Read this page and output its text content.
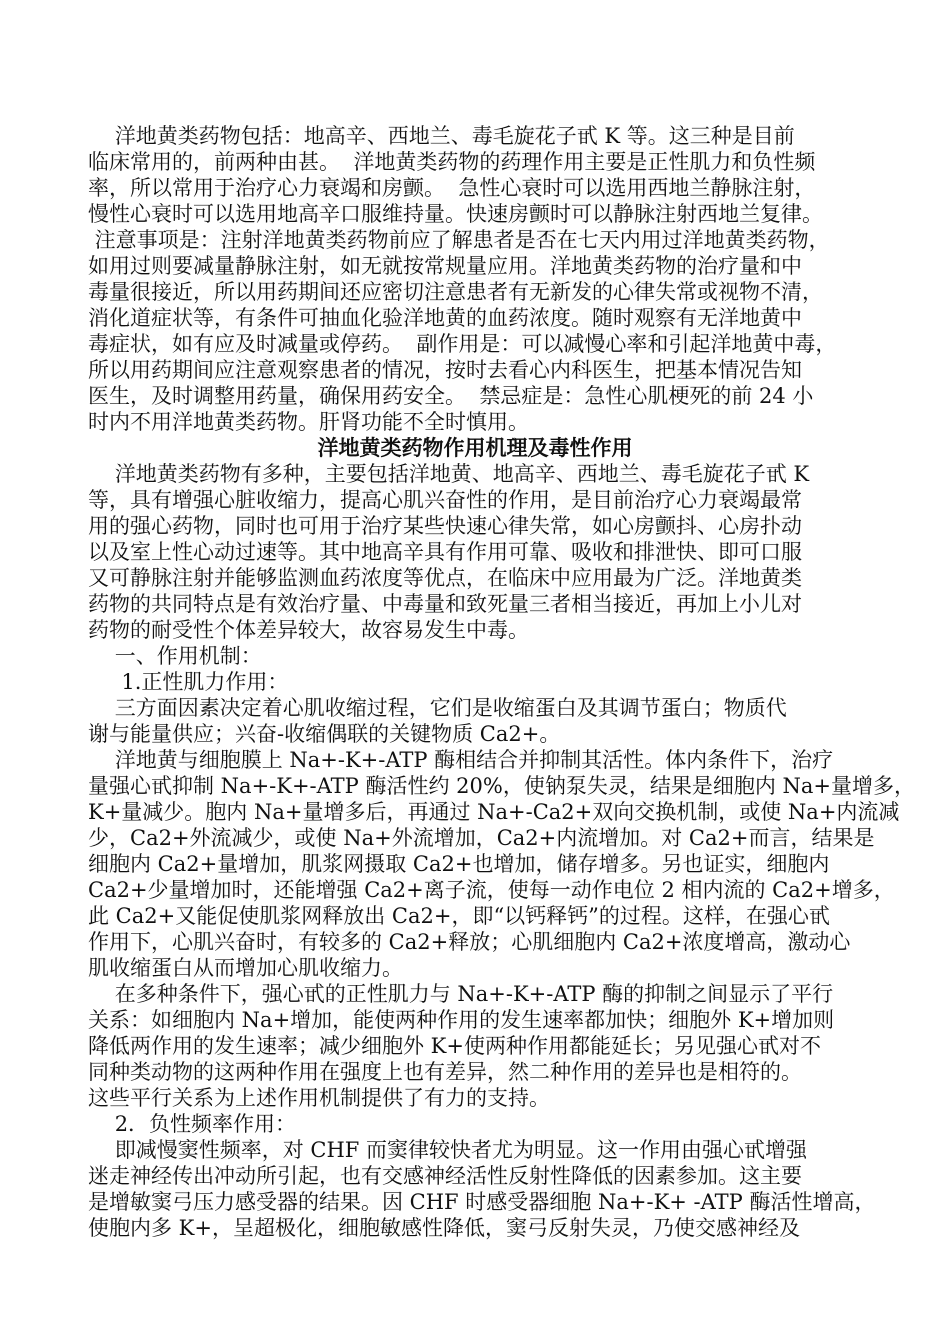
洋地黄类药物包括：地高辛、西地兰、毒毛旋花子甙 K 等。这三种是目前
临床常用的，前两种由甚。  洋地黄类药物的药理作用主要是正性肌力和负性频
率，所以常用于治疗心力衰竭和房颤。  急性心衰时可以选用西地兰静脉注射，
慢性心衰时可以选用地高辛口服维持量。快速房颤时可以静脉注射西地兰复律。
注意事项是：注射洋地黄类药物前应了解患者是否在七天内用过洋地黄类药物，
如用过则要减量静脉注射，如无就按常规量应用。洋地黄类药物的治疗量和中
毒量很接近，所以用药期间还应密切注意患者有无新发的心律失常或视物不清，
消化道症状等，有条件可抽血化验洋地黄的血药浓度。随时观察有无洋地黄中
毒症状，如有应及时减量或停药。  副作用是：可以减慢心率和引起洋地黄中毒，
所以用药期间应注意观察患者的情况，按时去看心内科医生，把基本情况告知
医生，及时调整用药量，确保用药安全。  禁忌症是：急性心肌梗死的前 24 小
时内不用洋地黄类药物。肝肾功能不全时慎用。
洋地黄类药物作用机理及毒性作用
洋地黄类药物有多种，主要包括洋地黄、地高辛、西地兰、毒毛旋花子甙 K
等，具有增强心脏收缩力，提高心肌兴奋性的作用，是目前治疗心力衰竭最常
用的强心药物，同时也可用于治疗某些快速心律失常，如心房颤抖、心房扑动
以及室上性心动过速等。其中地高辛具有作用可靠、吸收和排泄快、即可口服
又可静脉注射并能够监测血药浓度等优点，在临床中应用最为广泛。洋地黄类
药物的共同特点是有效治疗量、中毒量和致死量三者相当接近，再加上小儿对
药物的耐受性个体差异较大，故容易发生中毒。
一、作用机制：
1.正性肌力作用：
三方面因素决定着心肌收缩过程，它们是收缩蛋白及其调节蛋白；物质代
谢与能量供应；兴奋-收缩偶联的关键物质 Ca2+。
洋地黄与细胞膜上 Na+-K+-ATP 酶相结合并抑制其活性。体内条件下，治疗
量强心甙抑制 Na+-K+-ATP 酶活性约 20%，使钠泵失灵，结果是细胞内 Na+量增多，
K+量减少。胞内 Na+量增多后，再通过 Na+-Ca2+双向交换机制，或使 Na+内流减
少，Ca2+外流减少，或使 Na+外流增加，Ca2+内流增加。对 Ca2+而言，结果是
细胞内 Ca2+量增加，肌浆网摄取 Ca2+也增加，储存增多。另也证实，细胞内
Ca2+少量增加时，还能增强 Ca2+离子流，使每一动作电位 2 相内流的 Ca2+增多，
此 Ca2+又能促使肌浆网释放出 Ca2+，即“以钙释钙”的过程。这样，在强心甙
作用下，心肌兴奋时，有较多的 Ca2+释放；心肌细胞内 Ca2+浓度增高，激动心
肌收缩蛋白从而增加心肌收缩力。
在多种条件下，强心甙的正性肌力与 Na+-K+-ATP 酶的抑制之间显示了平行
关系：如细胞内 Na+增加，能使两种作用的发生速率都加快；细胞外 K+增加则
降低两作用的发生速率；减少细胞外 K+使两种作用都能延长；另见强心甙对不
同种类动物的这两种作用在强度上也有差异，然二种作用的差异也是相符的。
这些平行关系为上述作用机制提供了有力的支持。
2．负性频率作用：
即减慢窦性频率，对 CHF 而窦律较快者尤为明显。这一作用由强心甙增强
迷走神经传出冲动所引起，也有交感神经活性反射性降低的因素参加。这主要
是增敏窦弓压力感受器的结果。因 CHF 时感受器细胞 Na+-K+ -ATP 酶活性增高，
使胞内多 K+，呈超极化，细胞敏感性降低，窦弓反射失灵，乃使交感神经及
